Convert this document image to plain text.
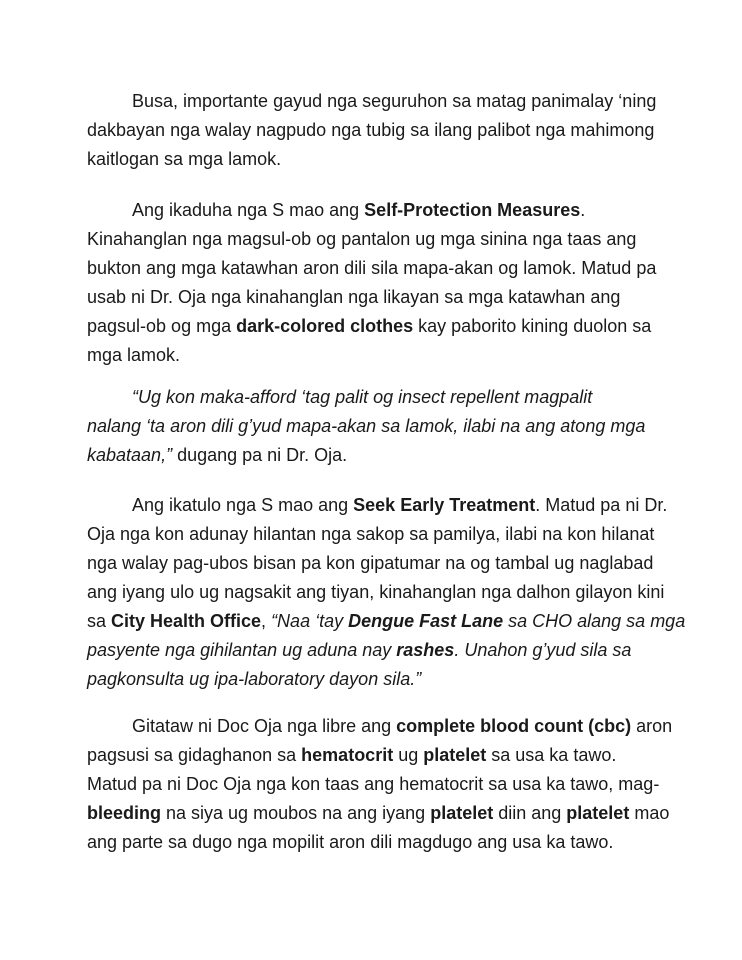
Busa, importante gayud nga seguruhon sa matag panimalay ‘ning
dakbayan nga walay nagpudo nga tubig sa ilang palibot nga mahimong
kaitlogan sa mga lamok.

Ang ikaduha nga S mao ang Self-Protection Measures.
Kinahanglan nga magsul-ob og pantalon ug mga sinina nga taas ang
bukton ang mga katawhan aron dili sila mapa-akan og lamok. Matud pa
usab ni Dr. Oja nga kinahanglan nga likayan sa mga katawhan ang
pagsul-ob og mga dark-colored clothes kay paborito kining duolon sa
mga lamok.

“Ug kon maka-afford ‘tag palit og insect repellent magpalit
nalang ‘ta aron dili g’yud mapa-akan sa lamok, ilabi na ang atong mga
kabataan,” dugang pa ni Dr. Oja.

Ang ikatulo nga S mao ang Seek Early Treatment. Matud pa ni Dr.
Oja nga kon adunay hilantan nga sakop sa pamilya, ilabi na kon hilanat
nga walay pag-ubos bisan pa kon gipatumar na og tambal ug naglabad
ang iyang ulo ug nagsakit ang tiyan, kinahanglan nga dalhon gilayon kini
sa City Health Office, “Naa ‘tay Dengue Fast Lane sa CHO alang sa mga
pasyente nga gihilantan ug aduna nay rashes. Unahon g’yud sila sa
pagkonsulta ug ipa-laboratory dayon sila.”

Gitataw ni Doc Oja nga libre ang complete blood count (cbc) aron
pagsusi sa gidaghanon sa hematocrit ug platelet sa usa ka tawo.
Matud pa ni Doc Oja nga kon taas ang hematocrit sa usa ka tawo, mag-
bleeding na siya ug moubos na ang iyang platelet diin ang platelet mao
ang parte sa dugo nga mopilit aron dili magdugo ang usa ka tawo.
